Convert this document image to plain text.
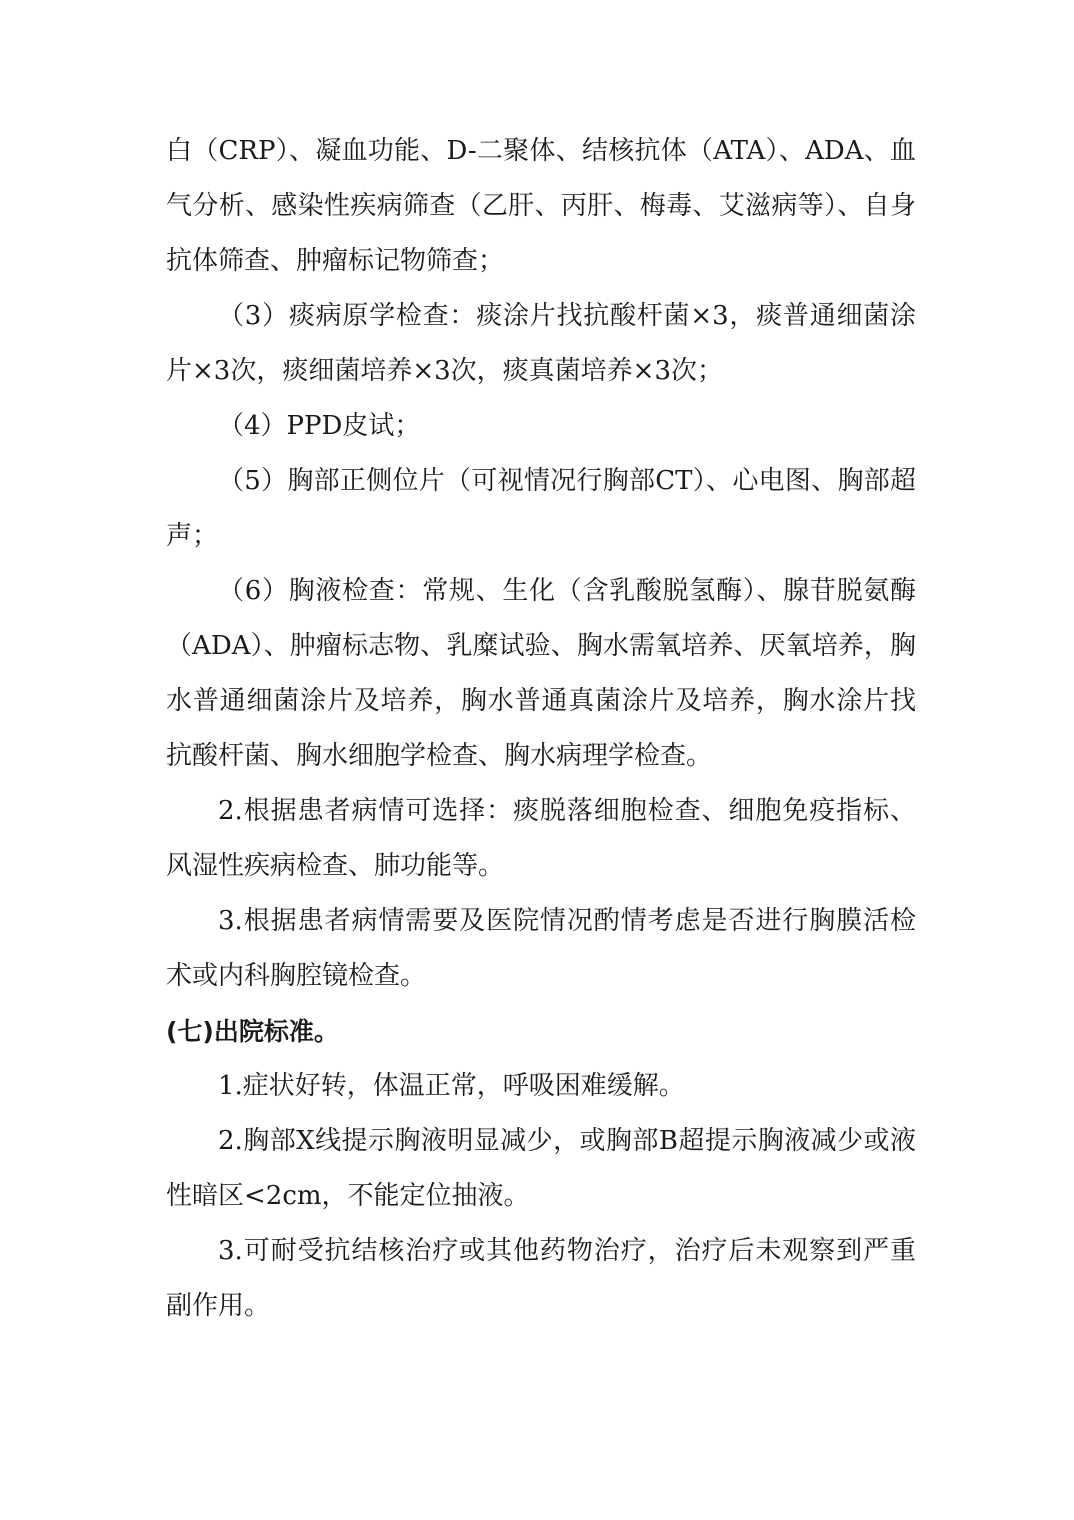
白（CRP）、凝血功能、D-二聚体、结核抗体（ATA）、ADA、血气分析、感染性疾病筛查（乙肝、丙肝、梅毒、艾滋病等）、自身抗体筛查、肿瘤标记物筛查；

（3）痰病原学检查：痰涂片找抗酸杆菌×3，痰普通细菌涂片×3次，痰细菌培养×3次，痰真菌培养×3次；

（4）PPD皮试；

（5）胸部正侧位片（可视情况行胸部CT）、心电图、胸部超声；

（6）胸液检查：常规、生化（含乳酸脱氢酶）、腺苷脱氨酶（ADA）、肿瘤标志物、乳糜试验、胸水需氧培养、厌氧培养，胸水普通细菌涂片及培养，胸水普通真菌涂片及培养，胸水涂片找抗酸杆菌、胸水细胞学检查、胸水病理学检查。

2.根据患者病情可选择：痰脱落细胞检查、细胞免疫指标、风湿性疾病检查、肺功能等。

3.根据患者病情需要及医院情况酌情考虑是否进行胸膜活检术或内科胸腔镜检查。

(七)出院标准。

1.症状好转，体温正常，呼吸困难缓解。

2.胸部X线提示胸液明显减少，或胸部B超提示胸液减少或液性暗区<2cm，不能定位抽液。

3.可耐受抗结核治疗或其他药物治疗，治疗后未观察到严重副作用。
